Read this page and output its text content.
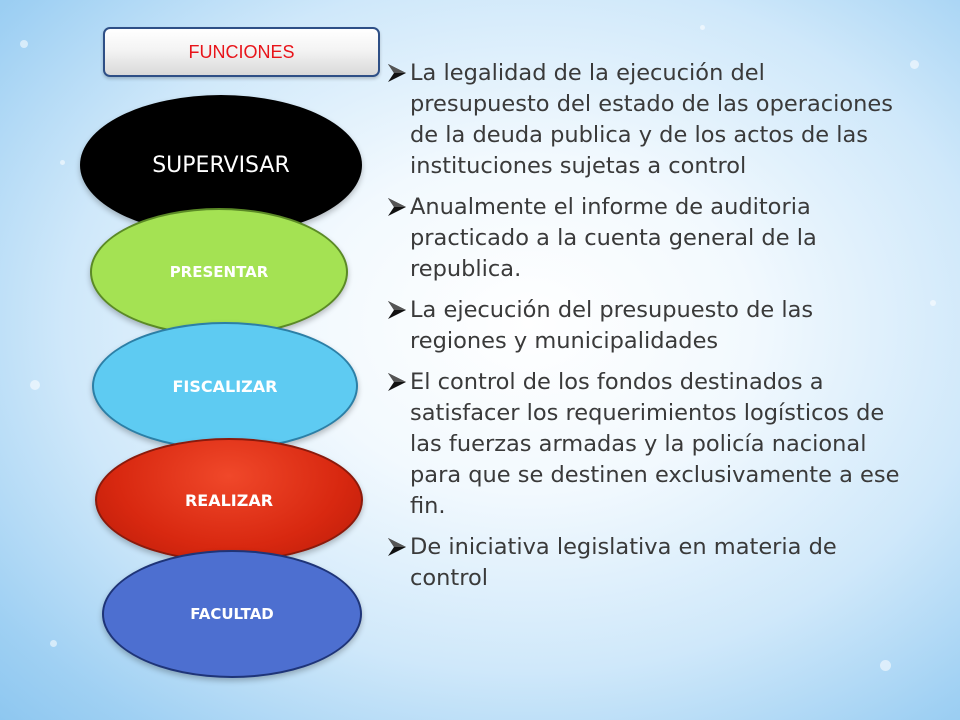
FUNCIONES
SUPERVISAR
PRESENTAR
FISCALIZAR
REALIZAR
FACULTAD
La legalidad de la ejecución del presupuesto del estado de las operaciones de la deuda publica y de los actos de las instituciones sujetas a control
Anualmente el informe de auditoria practicado a la cuenta general de la republica.
La ejecución del presupuesto de las regiones y municipalidades
El control de los fondos destinados a satisfacer los requerimientos logísticos de las fuerzas armadas y la policía nacional para que se destinen exclusivamente a ese fin.
De iniciativa legislativa en materia de control
